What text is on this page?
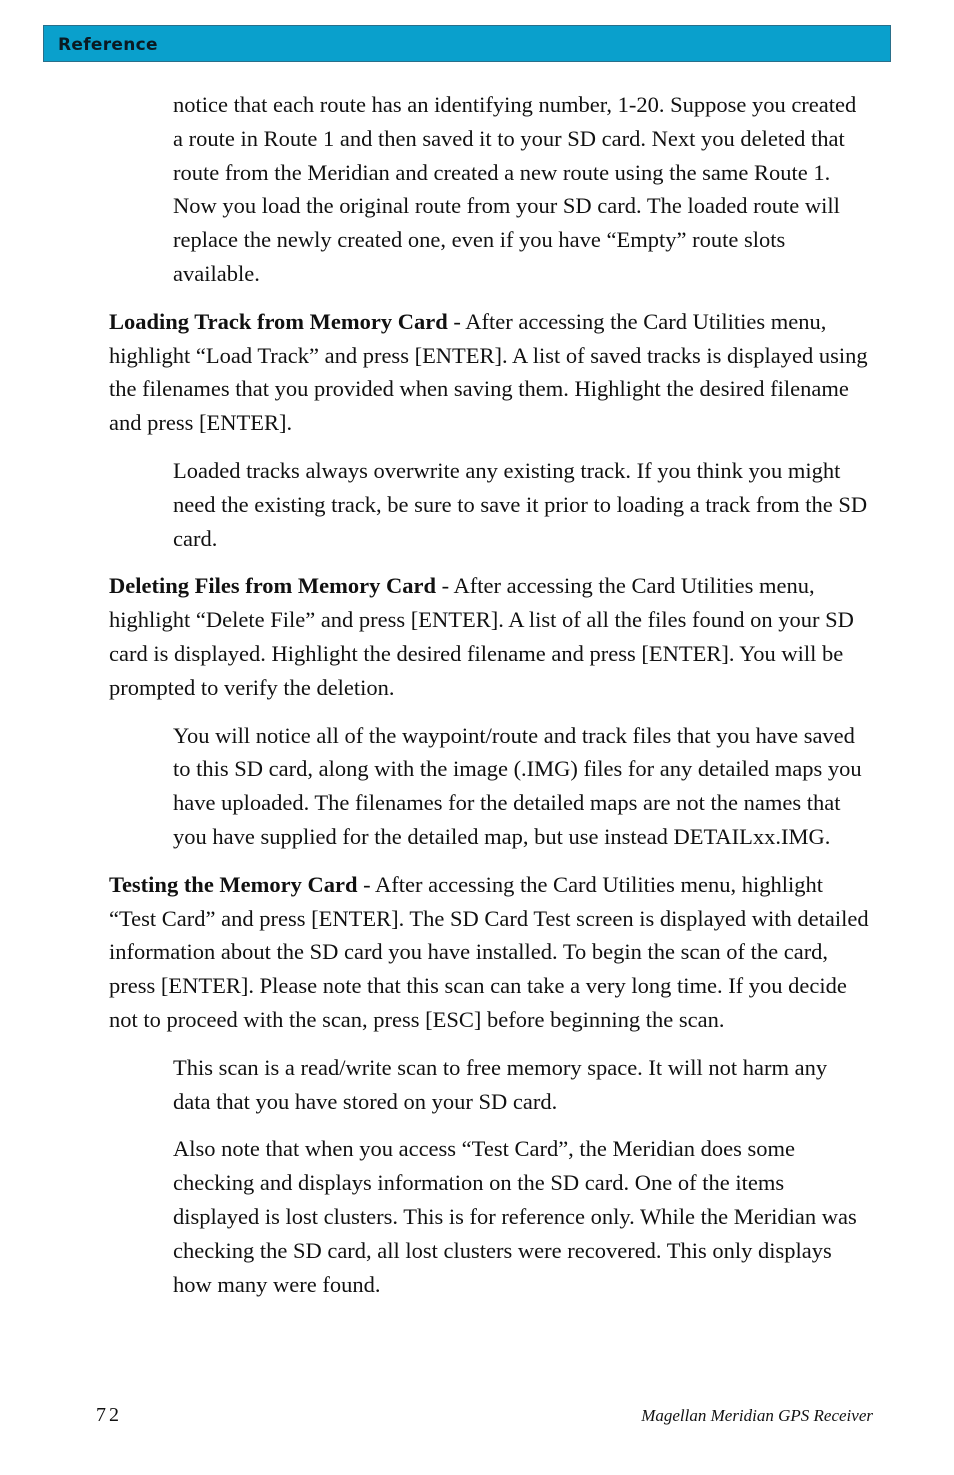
Reference

notice that each route has an identifying number, 1-20. Suppose you created a route in Route 1 and then saved it to your SD card. Next you deleted that route from the Meridian and created a new route using the same Route 1. Now you load the original route from your SD card. The loaded route will replace the newly created one, even if you have “Empty” route slots available.

Loading Track from Memory Card - After accessing the Card Utilities menu, highlight “Load Track” and press [ENTER]. A list of saved tracks is displayed using the filenames that you provided when saving them. Highlight the desired filename and press [ENTER].

Loaded tracks always overwrite any existing track. If you think you might need the existing track, be sure to save it prior to loading a track from the SD card.

Deleting Files from Memory Card - After accessing the Card Utilities menu, highlight “Delete File” and press [ENTER]. A list of all the files found on your SD card is displayed. Highlight the desired filename and press [ENTER]. You will be prompted to verify the deletion.

You will notice all of the waypoint/route and track files that you have saved to this SD card, along with the image (.IMG) files for any detailed maps you have uploaded. The filenames for the detailed maps are not the names that you have supplied for the detailed map, but use instead DETAILxx.IMG.

Testing the Memory Card - After accessing the Card Utilities menu, highlight “Test Card” and press [ENTER]. The SD Card Test screen is displayed with detailed information about the SD card you have installed. To begin the scan of the card, press [ENTER]. Please note that this scan can take a very long time. If you decide not to proceed with the scan, press [ESC] before beginning the scan.

This scan is a read/write scan to free memory space. It will not harm any data that you have stored on your SD card.

Also note that when you access “Test Card”, the Meridian does some checking and displays information on the SD card. One of the items displayed is lost clusters. This is for reference only. While the Meridian was checking the SD card, all lost clusters were recovered. This only displays how many were found.

72	Magellan Meridian GPS Receiver
